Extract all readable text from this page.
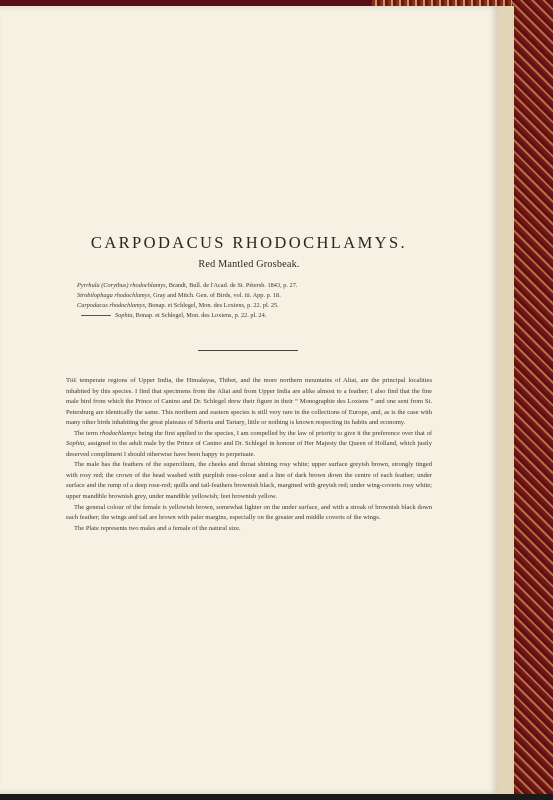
CARPODACUS RHODOCHLAMYS.
Red Mantled Grosbeak.
Pyrrhula (Corythus) rhodochlamys, Brandt, Bull. de l'Acad. de St. Pétersb. 1843, p. 27.
Strobilophaga rhodochlamys, Gray and Mitch. Gen. of Birds, vol. iii. App. p. 18.
Carpodacus rhodochlamys, Bonap. et Schlegel, Mon. des Loxiens, p. 22. pl. 25.
Sophia, Bonap. et Schlegel, Mon. des Loxiens, p. 22. pl. 24.

The temperate regions of Upper India, the Himalayas, Thibet, and the more northern mountains of Altai, are the principal localities inhabited by this species. I find that specimens from the Altai and from Upper India are alike almost to a feather; I also find that the fine male bird from which the Prince of Canino and Dr. Schlegel drew their figure in their “ Monographie des Loxiens ” and one sent from St. Petersburg are identically the same. This northern and eastern species is still very rare in the collections of Europe, and, as is the case with many other birds inhabiting the great plateaus of Siberia and Tartary, little or nothing is known respecting its habits and economy.

The term rhodochlamys being the first applied to the species, I am compelled by the law of priority to give it the preference over that of Sophia, assigned to the adult male by the Prince of Canino and Dr. Schlegel in honour of Her Majesty the Queen of Holland, which justly deserved compliment I should otherwise have been happy to perpetuate.

The male has the feathers of the supercilium, the cheeks and throat shining rosy white; upper surface greyish brown, strongly tinged with rosy red; the crown of the head washed with purplish rose-colour and a line of dark brown down the centre of each feather; under surface and the rump of a deep rose-red; quills and tail-feathers brownish black, margined with greyish red; under wing-coverts rosy white; upper mandible brownish grey, under mandible yellowish; feet brownish yellow.

The general colour of the female is yellowish brown, somewhat lighter on the under surface, and with a streak of brownish black down each feather; the wings and tail are brown with paler margins, especially on the greater and middle coverts of the wings.

The Plate represents two males and a female of the natural size.
